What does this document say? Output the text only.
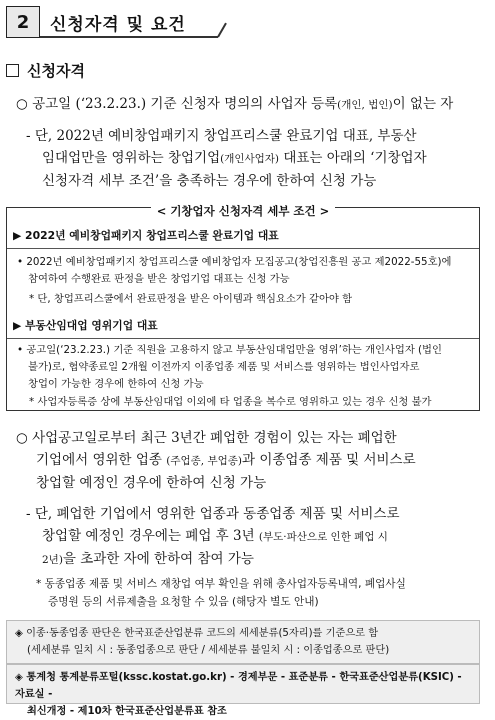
2	신청자격 및 요건
신청자격
○ 공고일 (‘23.2.23.) 기준 신청자 명의의 사업자 등록(개인, 법인)이 없는 자
- 단, 2022년 예비창업패키지 창업프리스쿨 완료기업 대표, 부동산
임대업만을 영위하는 창업기업(개인사업자) 대표는 아래의 ‘기창업자
신청자격 세부 조건’을 충족하는 경우에 한하여 신청 가능
< 기창업자 신청자격 세부 조건 >
▶ 2022년 예비창업패키지 창업프리스쿨 완료기업 대표
• 2022년 예비창업패키지 창업프리스쿨 예비창업자 모집공고(창업진흥원 공고 제2022-55호)에
참여하여 수행완료 판정을 받은 창업기업 대표는 신청 가능
* 단, 창업프리스쿨에서 완료판정을 받은 아이템과 핵심요소가 같아야 함
▶ 부동산임대업 영위기업 대표
• 공고일(‘23.2.23.) 기준 직원을 고용하지 않고 부동산임대업만을 영위’하는 개인사업자 (법인
불가)로, 협약종료일 2개월 이전까지 이종업종 제품 및 서비스를 영위하는 법인사업자로
창업이 가능한 경우에 한하여 신청 가능
* 사업자등록증 상에 부동산임대업 이외에 타 업종을 복수로 영위하고 있는 경우 신청 불가
○ 사업공고일로부터 최근 3년간 폐업한 경험이 있는 자는 폐업한
기업에서 영위한 업종 (주업종, 부업종)과 이종업종 제품 및 서비스로
창업할 예정인 경우에 한하여 신청 가능
- 단, 폐업한 기업에서 영위한 업종과 동종업종 제품 및 서비스로
창업할 예정인 경우에는 폐업 후 3년 (부도·파산으로 인한 폐업 시
2년)을 초과한 자에 한하여 참여 가능
* 동종업종 제품 및 서비스 재창업 여부 확인을 위해 총사업자등록내역, 폐업사실
증명원 등의 서류제출을 요청할 수 있음 (해당자 별도 안내)
◈ 이종·동종업종 판단은 한국표준산업분류 코드의 세세분류(5자리)를 기준으로 함
(세세분류 일치 시 : 동종업종으로 판단 / 세세분류 불일치 시 : 이종업종으로 판단)
◈ 통계청 통계분류포털(kssc.kostat.go.kr) - 경제부문 - 표준분류 - 한국표준산업분류(KSIC) - 자료실 -
최신개정 - 제10차 한국표준산업분류표 참조
